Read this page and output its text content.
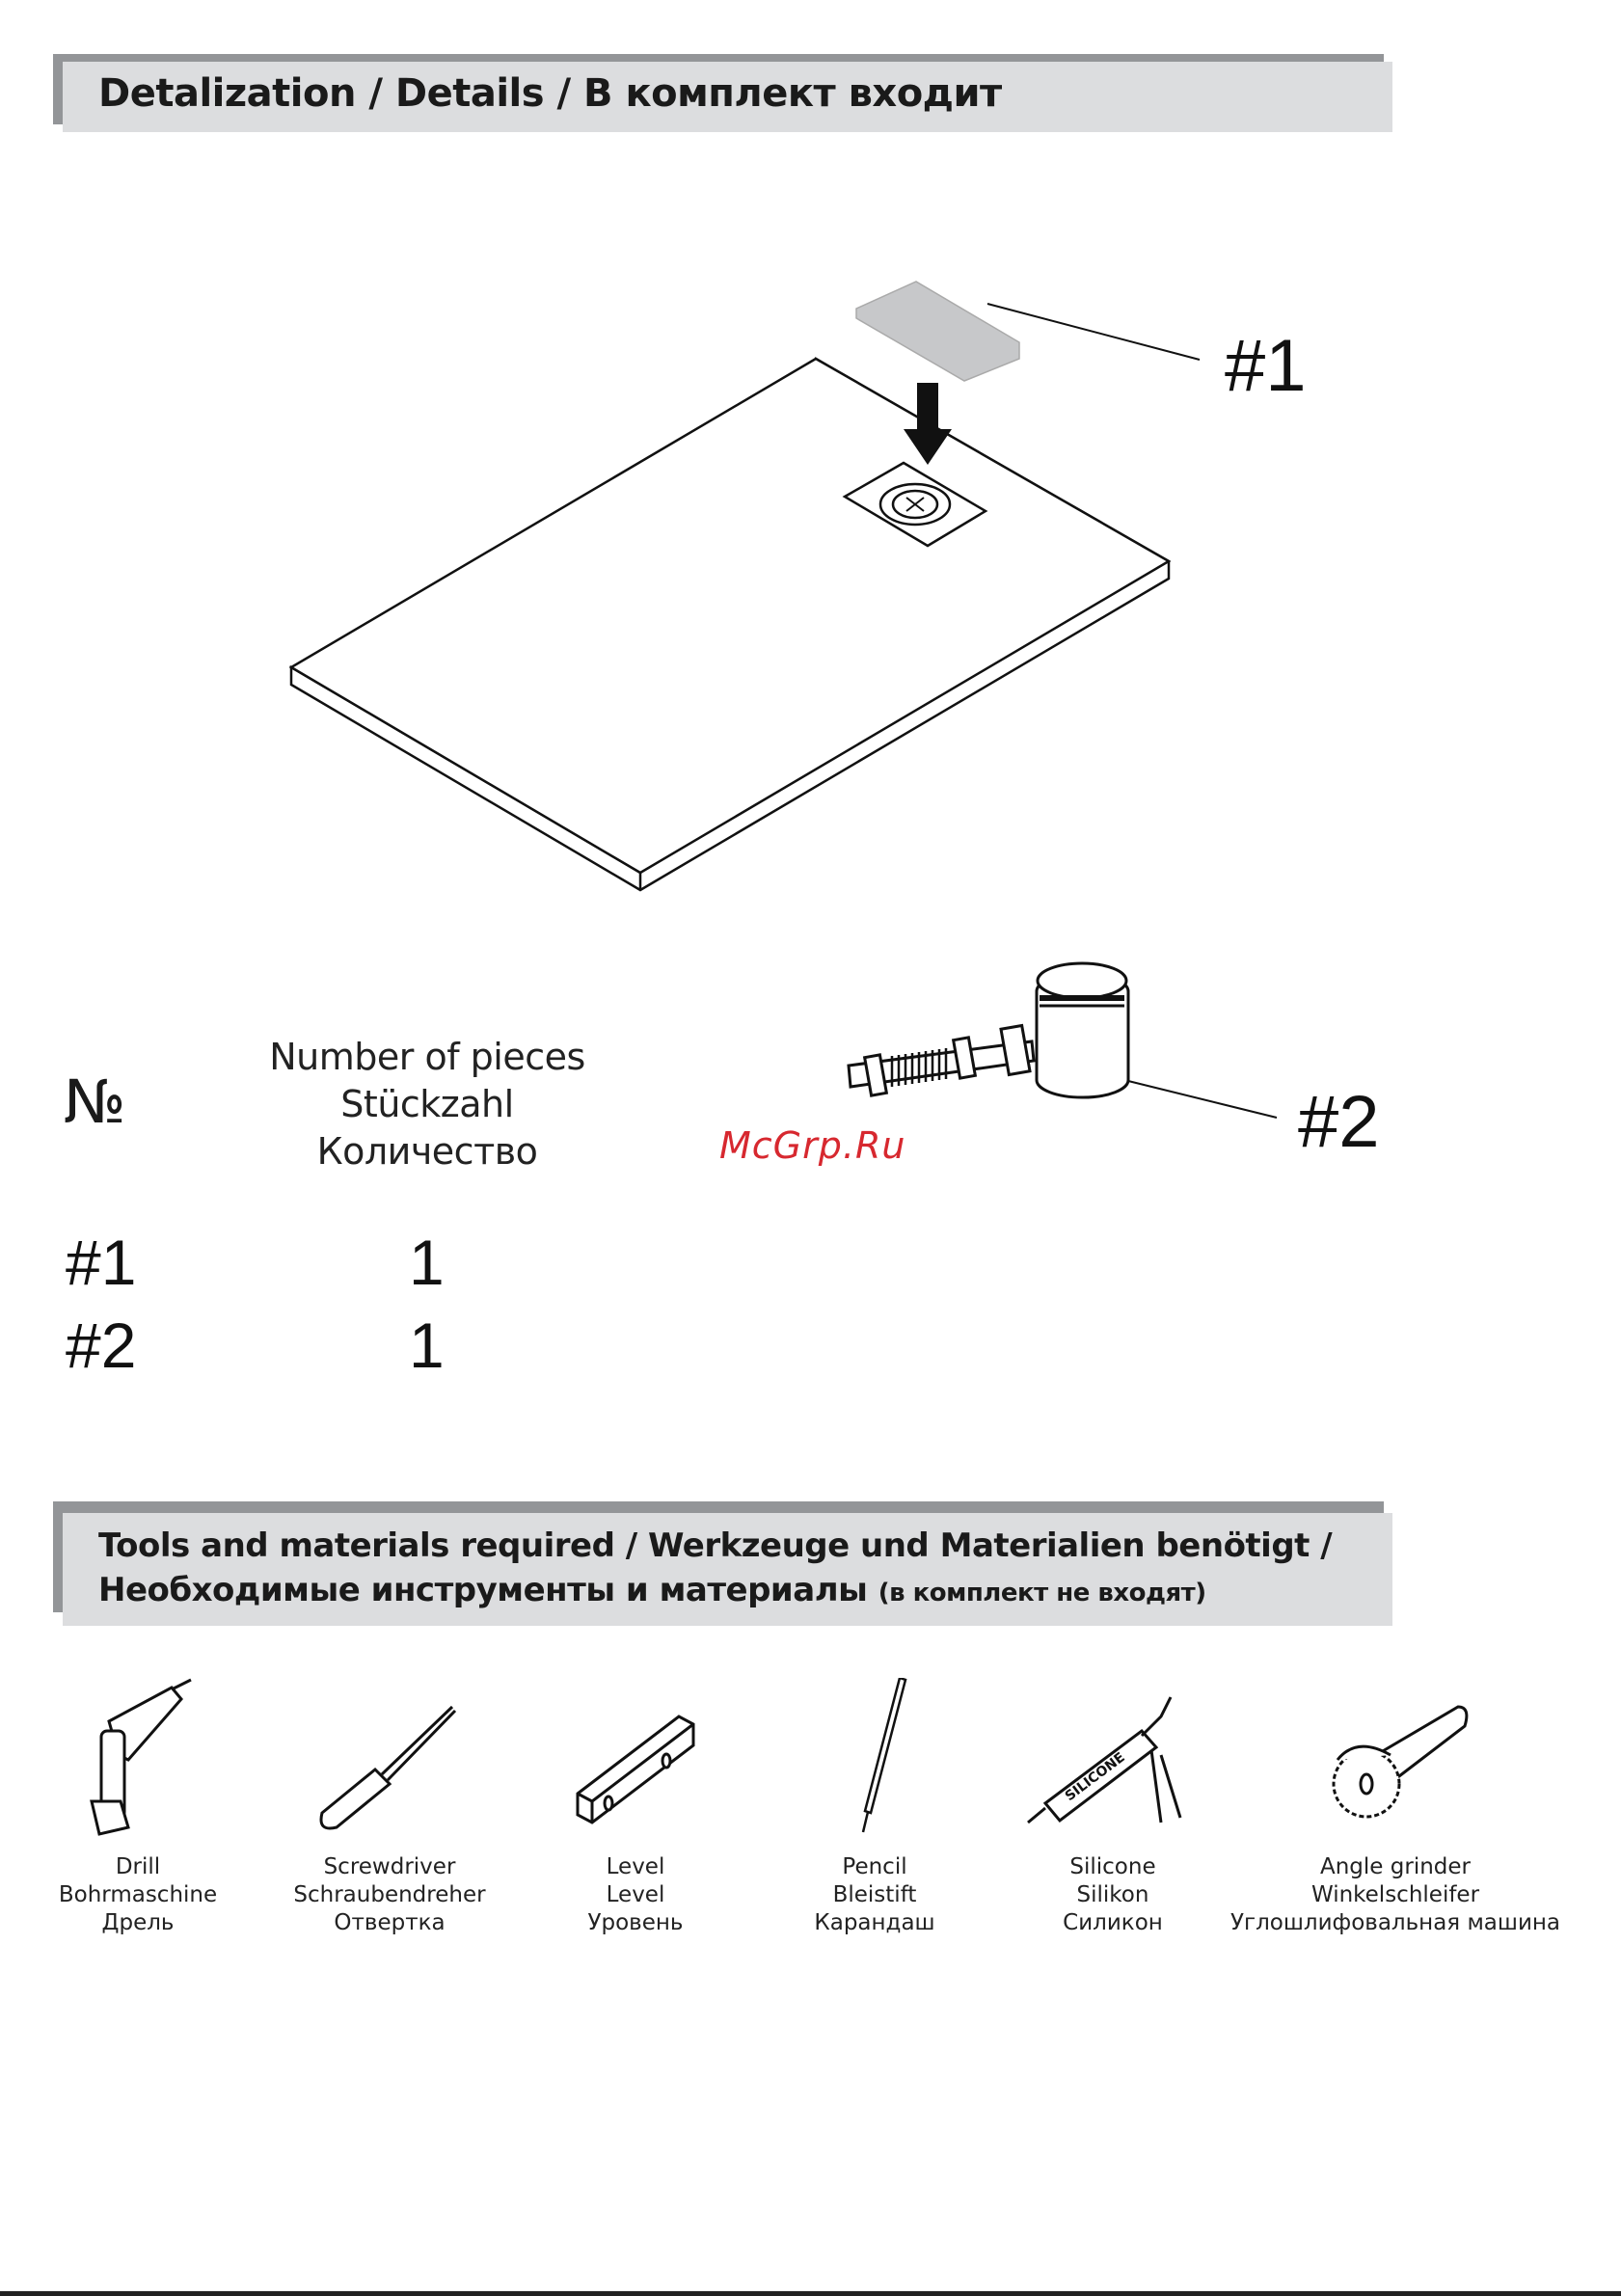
Detalization / Details / В комплект входит
#1
#2
McGrp.Ru
№
Number of pieces
Stückzahl
Количество
#1	1
#2	1
Tools and materials required / Werkzeuge und Materialien benötigt /
Необходимые инструменты и материалы (в комплект не входят)
Drill
Bohrmaschine
Дрель
Screwdriver
Schraubendreher
Отвертка
Level
Level
Уровень
Pencil
Bleistift
Карандаш
SILICONE
Silicone
Silikon
Силикон
Angle grinder
Winkelschleifer
Углошлифовальная машина
